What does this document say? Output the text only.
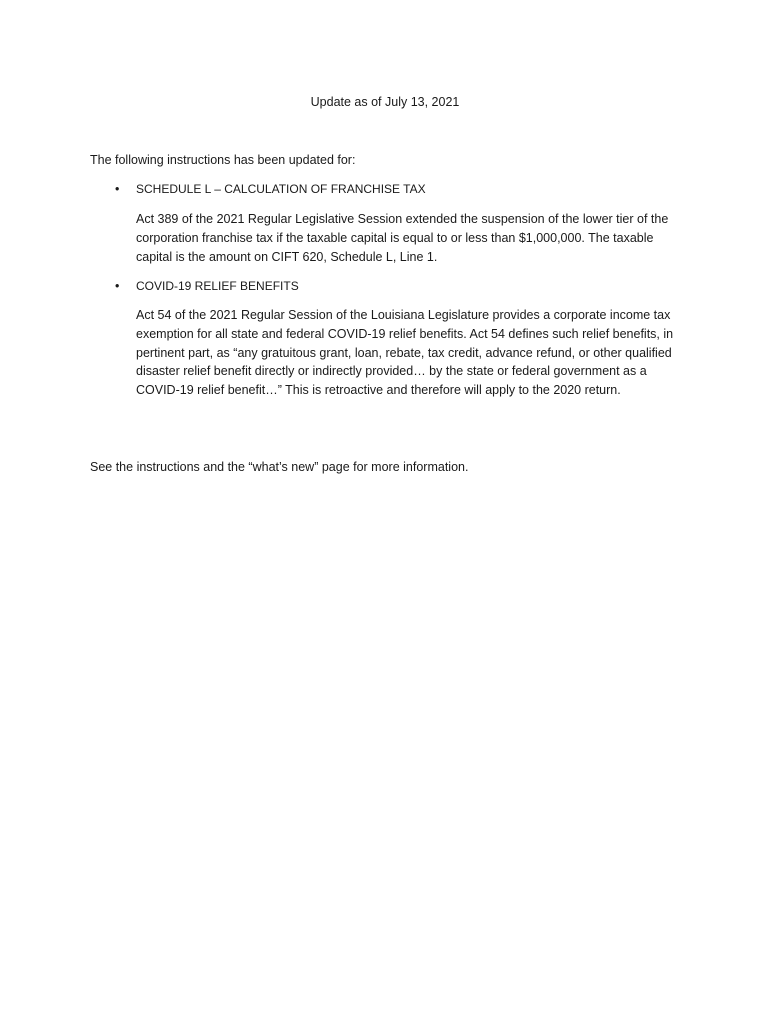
Update as of July 13, 2021
The following instructions has been updated for:
•	SCHEDULE L – CALCULATION OF FRANCHISE TAX
Act 389 of the 2021 Regular Legislative Session extended the suspension of the lower tier of the corporation franchise tax if the taxable capital is equal to or less than $1,000,000. The taxable capital is the amount on CIFT 620, Schedule L, Line 1.
•	COVID-19 RELIEF BENEFITS
Act 54 of the 2021 Regular Session of the Louisiana Legislature provides a corporate income tax exemption for all state and federal COVID-19 relief benefits. Act 54 defines such relief benefits, in pertinent part, as “any gratuitous grant, loan, rebate, tax credit, advance refund, or other qualified disaster relief benefit directly or indirectly provided… by the state or federal government as a COVID-19 relief benefit…” This is retroactive and therefore will apply to the 2020 return.
See the instructions and the “what’s new” page for more information.
